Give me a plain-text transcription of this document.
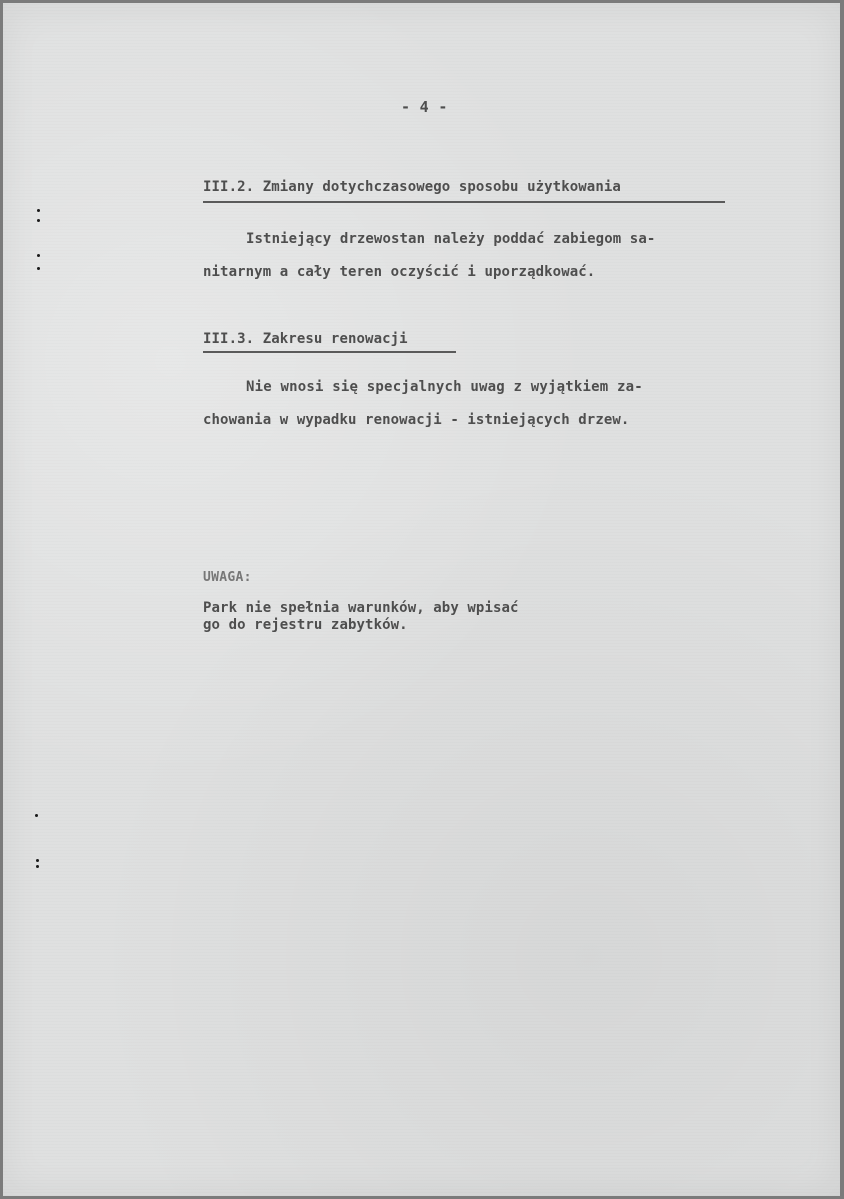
- 4 -
III.2. Zmiany dotychczasowego sposobu użytkowania
Istniejący drzewostan należy poddać zabiegom sa-
nitarnym a cały teren oczyścić i uporządkować.
III.3. Zakresu renowacji
Nie wnosi się specjalnych uwag z wyjątkiem za-
chowania w wypadku renowacji - istniejących drzew.
UWAGA:
Park nie spełnia warunków, aby wpisać
go do rejestru zabytków.
